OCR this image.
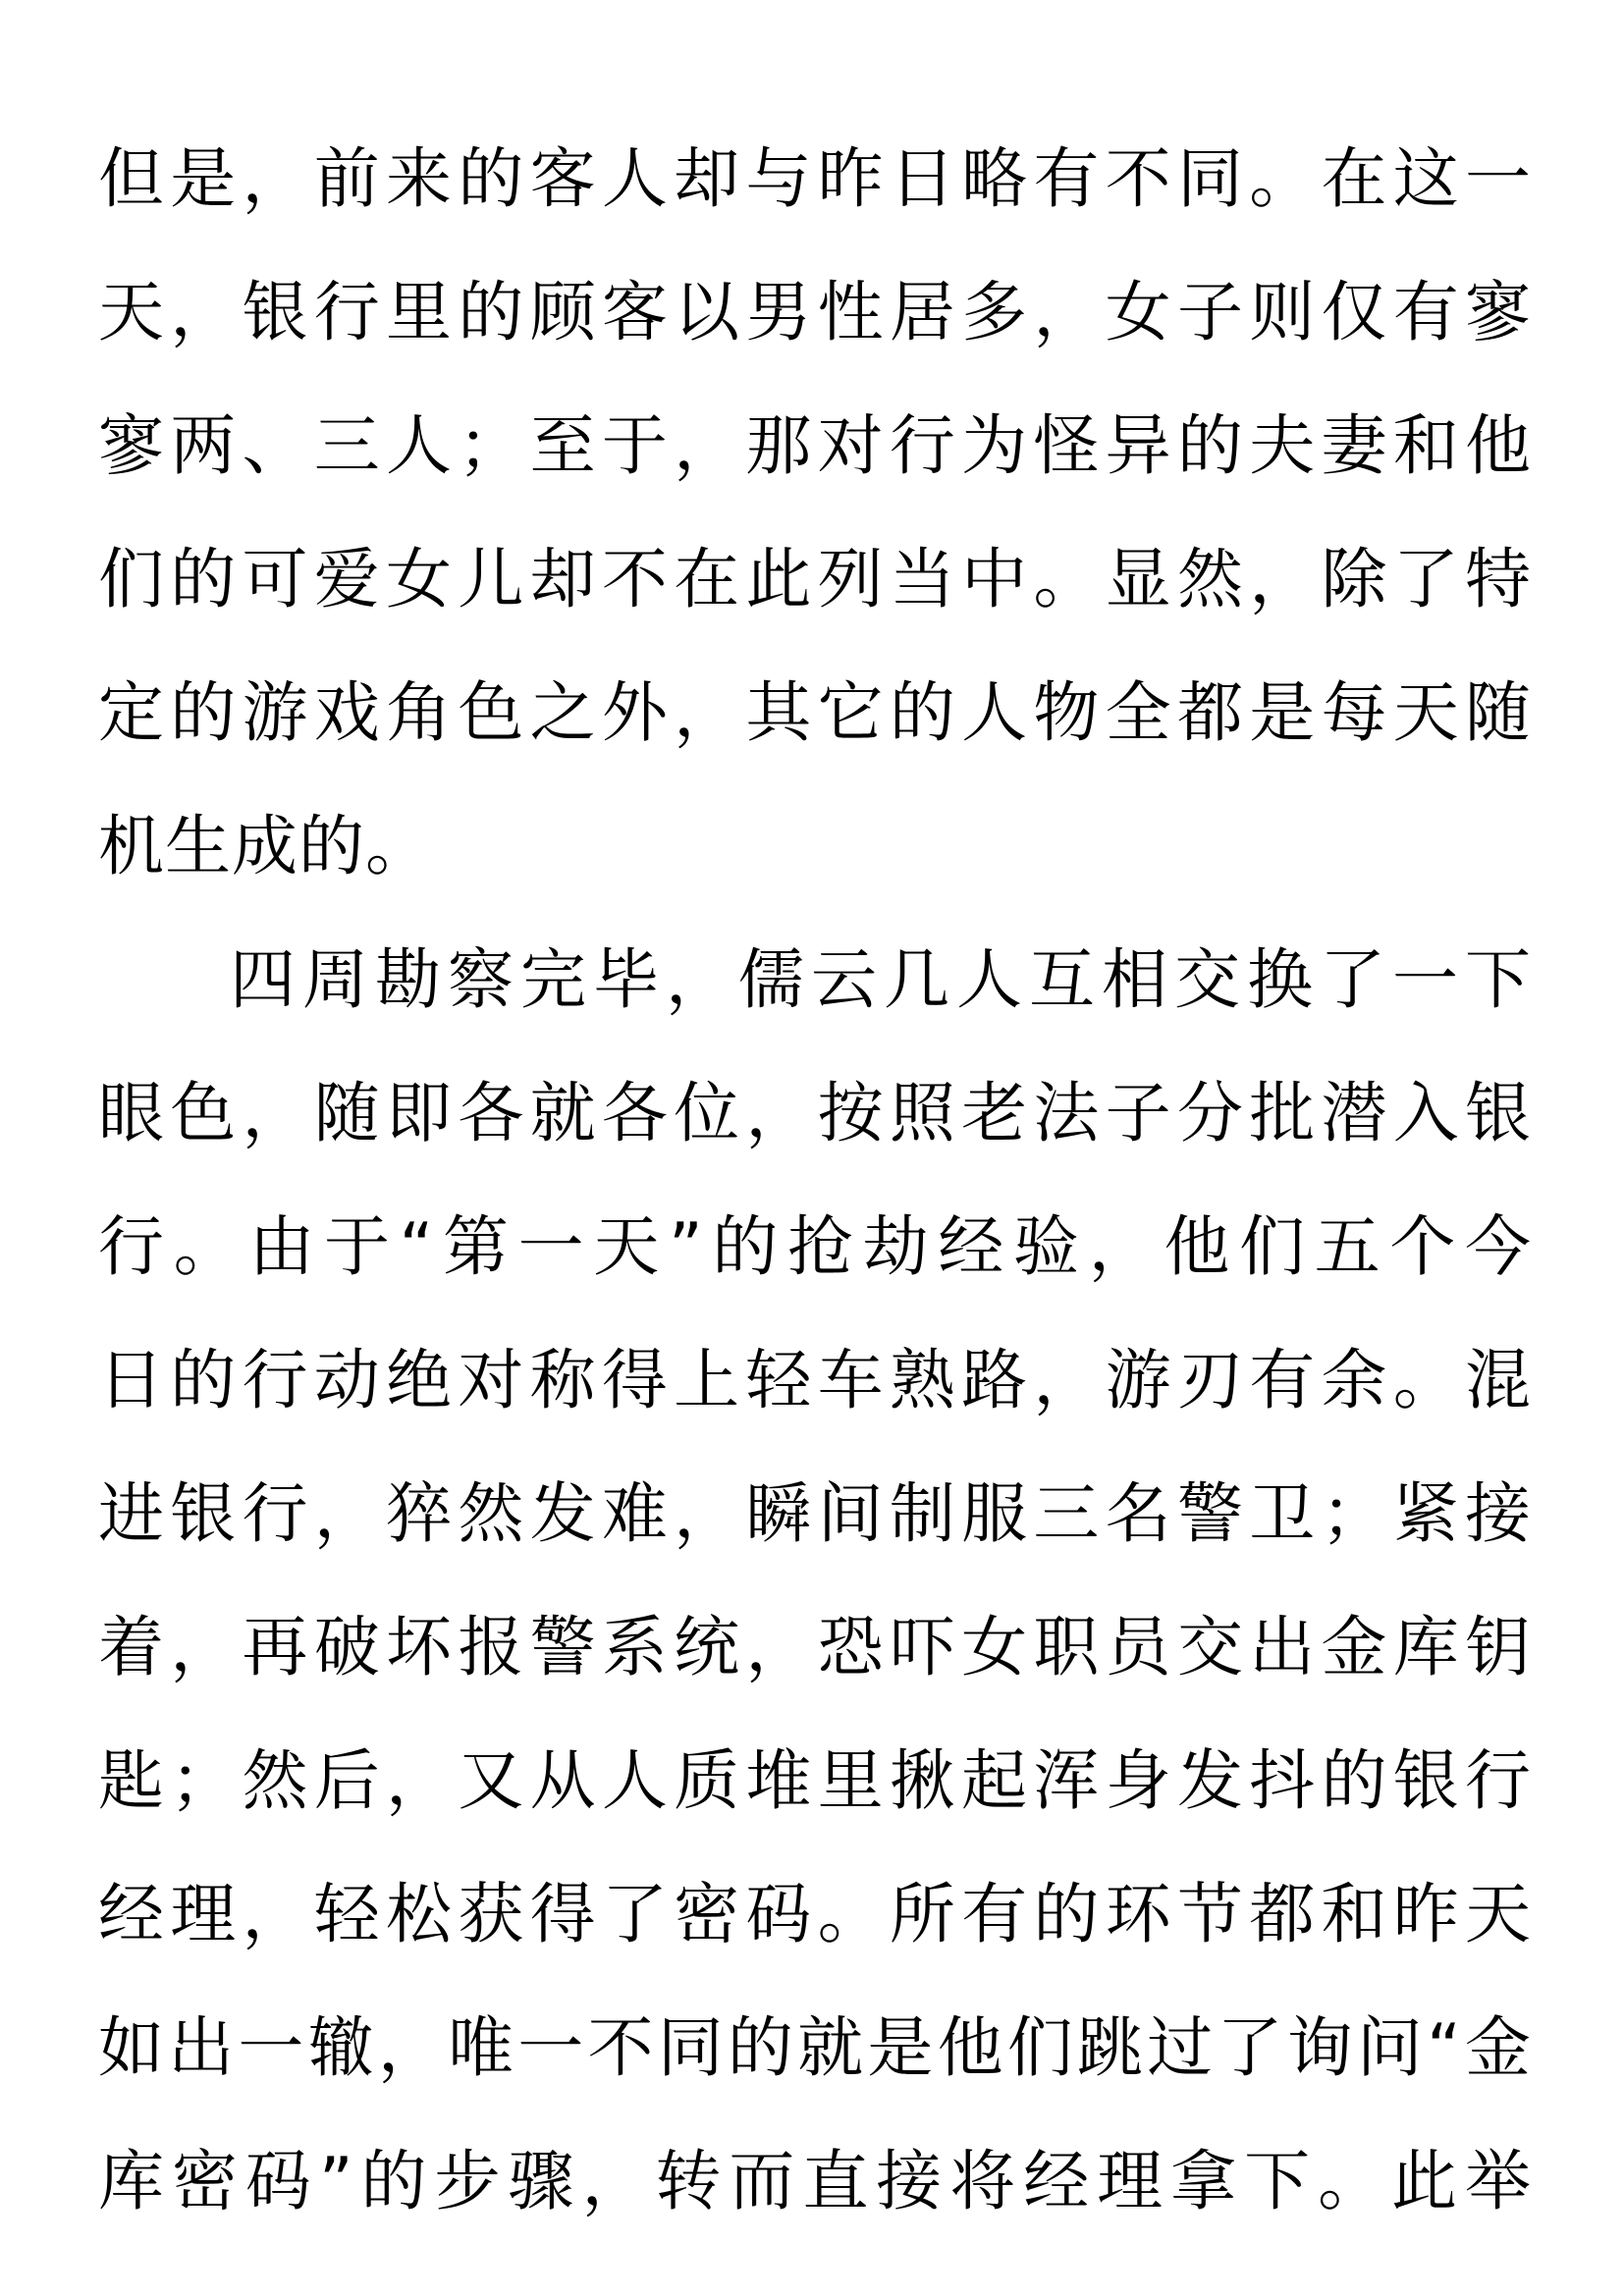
但是，前来的客人却与昨日略有不同。在这一
天，银行里的顾客以男性居多，女子则仅有寥
寥两、三人；至于，那对行为怪异的夫妻和他
们的可爱女儿却不在此列当中。显然，除了特
定的游戏角色之外，其它的人物全都是每天随
机生成的。
四周勘察完毕，儒云几人互相交换了一下
眼色，随即各就各位，按照老法子分批潜入银
行。由于“第一天”的抢劫经验，他们五个今
日的行动绝对称得上轻车熟路，游刃有余。混
进银行，猝然发难，瞬间制服三名警卫；紧接
着，再破坏报警系统，恐吓女职员交出金库钥
匙；然后，又从人质堆里揪起浑身发抖的银行
经理，轻松获得了密码。所有的环节都和昨天
如出一辙，唯一不同的就是他们跳过了询问“金
库密码”的步骤，转而直接将经理拿下。此举
